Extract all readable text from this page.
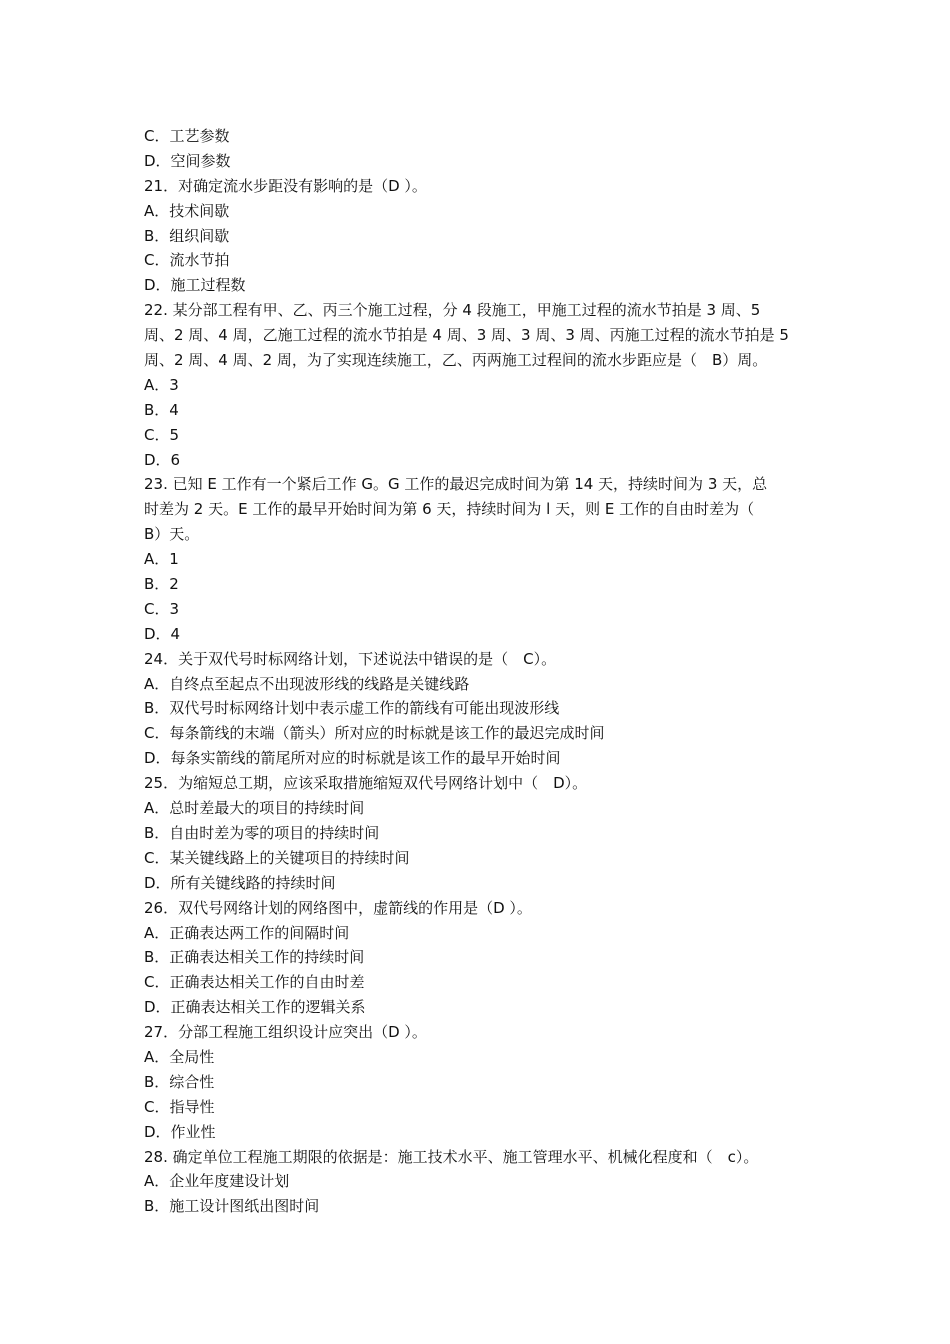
C．工艺参数
D．空间参数
21．对确定流水步距没有影响的是（D ）。
A．技术间歇
B．组织间歇
C．流水节拍
D．施工过程数
22. 某分部工程有甲、乙、丙三个施工过程，分 4 段施工，甲施工过程的流水节拍是 3 周、5
周、2 周、4 周，乙施工过程的流水节拍是 4 周、3 周、3 周、3 周、丙施工过程的流水节拍是 5
周、2 周、4 周、2 周，为了实现连续施工，乙、丙两施工过程间的流水步距应是（　B）周。
A．3
B．4
C．5
D．6
23. 已知 E 工作有一个紧后工作 G。G 工作的最迟完成时间为第 14 天，持续时间为 3 天，总
时差为 2 天。E 工作的最早开始时间为第 6 天，持续时间为 l 天，则 E 工作的自由时差为（
B）天。
A．1
B．2
C．3
D．4
24．关于双代号时标网络计划，下述说法中错误的是（　C）。
A．自终点至起点不出现波形线的线路是关键线路
B．双代号时标网络计划中表示虚工作的箭线有可能出现波形线
C．每条箭线的末端（箭头）所对应的时标就是该工作的最迟完成时间
D．每条实箭线的箭尾所对应的时标就是该工作的最早开始时间
25．为缩短总工期，应该采取措施缩短双代号网络计划中（　D）。
A．总时差最大的项目的持续时间
B．自由时差为零的项目的持续时间
C．某关键线路上的关键项目的持续时间
D．所有关键线路的持续时间
26．双代号网络计划的网络图中，虚箭线的作用是（D ）。
A．正确表达两工作的间隔时间
B．正确表达相关工作的持续时间
C．正确表达相关工作的自由时差
D．正确表达相关工作的逻辑关系
27．分部工程施工组织设计应突出（D ）。
A．全局性
B．综合性
C．指导性
D．作业性
28. 确定单位工程施工期限的依据是：施工技术水平、施工管理水平、机械化程度和（　c）。
A．企业年度建设计划
B．施工设计图纸出图时间
